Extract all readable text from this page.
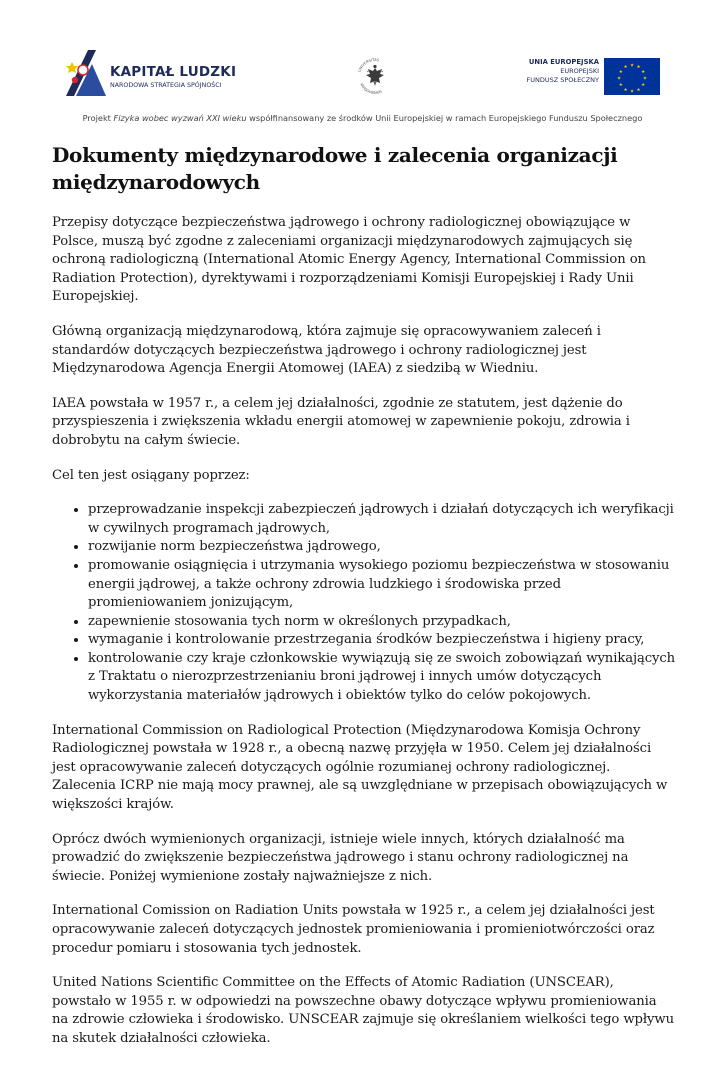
KAPITAŁ LUDZKI
NARODOWA STRATEGIA SPÓJNOŚCI
UNIVERSITAS
VARSOVIENSIS
UNIA EUROPEJSKA
EUROPEJSKI
FUNDUSZ SPOŁECZNY
★ ★
★
★
★
★
★
★
★
★
★
★
Projekt Fizyka wobec wyzwań XXI wieku współfinansowany ze środków Unii Europejskiej w ramach Europejskiego Funduszu Społecznego
Dokumenty międzynarodowe i zalecenia organizacji międzynarodowych

Przepisy dotyczące bezpieczeństwa jądrowego i ochrony radiologicznej obowiązujące w Polsce, muszą być zgodne z zaleceniami organizacji międzynarodowych zajmujących się ochroną radiologiczną (International Atomic Energy Agency, International Commission on Radiation Protection), dyrektywami i rozporządzeniami Komisji Europejskiej i Rady Unii Europejskiej.

Główną organizacją międzynarodową, która zajmuje się opracowywaniem zaleceń i standardów dotyczących bezpieczeństwa jądrowego i ochrony radiologicznej jest Międzynarodowa Agencja Energii Atomowej (IAEA) z siedzibą w Wiedniu.

IAEA powstała w 1957 r., a celem jej działalności, zgodnie ze statutem, jest dążenie do przyspieszenia i zwiększenia wkładu energii atomowej w zapewnienie pokoju, zdrowia i dobrobytu na całym świecie.

Cel ten jest osiągany poprzez:

• przeprowadzanie inspekcji zabezpieczeń jądrowych i działań dotyczących ich weryfikacji w cywilnych programach jądrowych,
• rozwijanie norm bezpieczeństwa jądrowego,
• promowanie osiągnięcia i utrzymania wysokiego poziomu bezpieczeństwa w stosowaniu energii jądrowej, a także ochrony zdrowia ludzkiego i środowiska przed promieniowaniem jonizującym,
• zapewnienie stosowania tych norm w określonych przypadkach,
• wymaganie i kontrolowanie przestrzegania środków bezpieczeństwa i higieny pracy,
• kontrolowanie czy kraje członkowskie wywiązują się ze swoich zobowiązań wynikających z Traktatu o nierozprzestrzenianiu broni jądrowej i innych umów dotyczących wykorzystania materiałów jądrowych i obiektów tylko do celów pokojowych.

International Commission on Radiological Protection (Międzynarodowa Komisja Ochrony Radiologicznej powstała w 1928 r., a obecną nazwę przyjęła w 1950. Celem jej działalności jest opracowywanie zaleceń dotyczących ogólnie rozumianej ochrony radiologicznej. Zalecenia ICRP nie mają mocy prawnej, ale są uwzględniane w przepisach obowiązujących w większości krajów.

Oprócz dwóch wymienionych organizacji, istnieje wiele innych, których działalność ma prowadzić do zwiększenie bezpieczeństwa jądrowego i stanu ochrony radiologicznej na świecie. Poniżej wymienione zostały najważniejsze z nich.

International Comission on Radiation Units powstała w 1925 r., a celem jej działalności jest opracowywanie zaleceń dotyczących jednostek promieniowania i promieniotwórczości oraz procedur pomiaru i stosowania tych jednostek.

United Nations Scientific Committee on the Effects of Atomic Radiation (UNSCEAR), powstało w 1955 r. w odpowiedzi na powszechne obawy dotyczące wpływu promieniowania na zdrowie człowieka i środowisko. UNSCEAR zajmuje się określaniem wielkości tego wpływu na skutek działalności człowieka.
